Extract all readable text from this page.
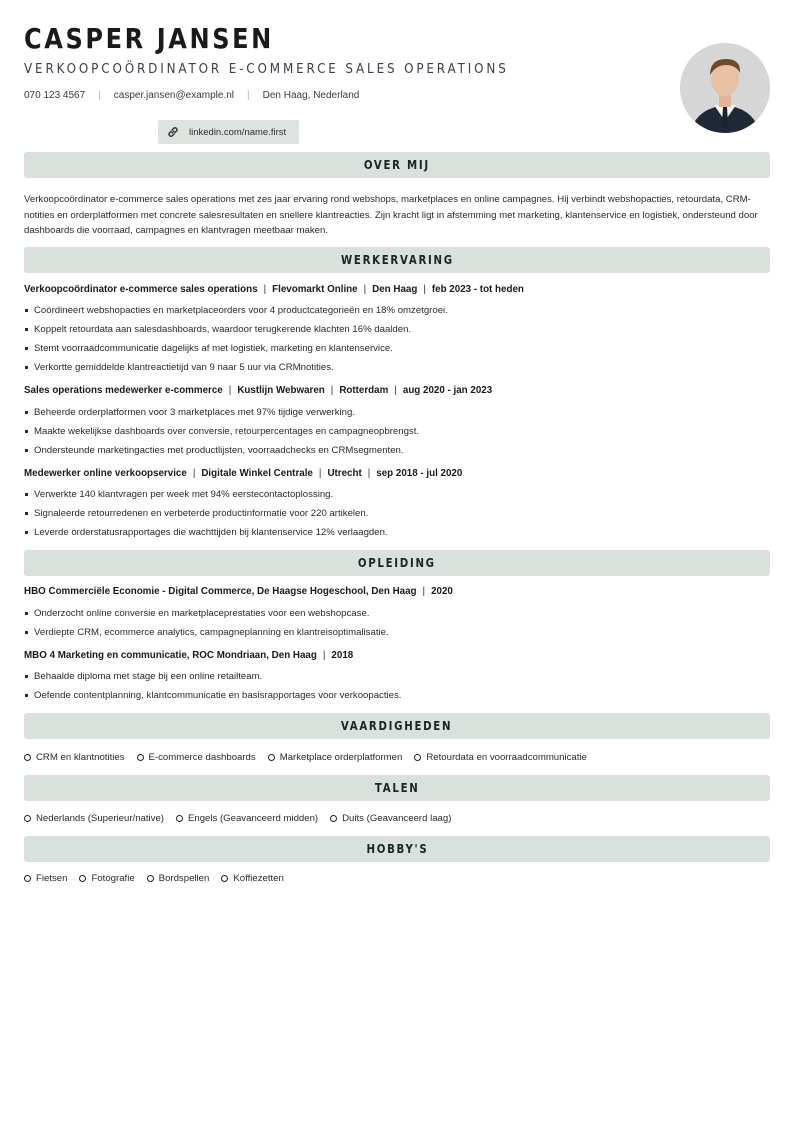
CASPER JANSEN
VERKOOPCOÖRDINATOR E-COMMERCE SALES OPERATIONS
070 123 4567 | casper.jansen@example.nl | Den Haag, Nederland
linkedin.com/name.first
OVER MIJ

Verkoopcoördinator e-commerce sales operations met zes jaar ervaring rond webshops, marketplaces en online campagnes. Hij verbindt webshopacties, retourdata, CRM-notities en orderplatformen met concrete salesresultaten en snellere klantreacties. Zijn kracht ligt in afstemming met marketing, klantenservice en logistiek, ondersteund door dashboards die voorraad, campagnes en klantvragen meetbaar maken.

WERKERVARING
Verkoopcoördinator e-commerce sales operations | Flevomarkt Online | Den Haag | feb 2023 - tot heden
Coördineert webshopacties en marketplaceorders voor 4 productcategorieën en 18% omzetgroei.
Koppelt retourdata aan salesdashboards, waardoor terugkerende klachten 16% daalden.
Stemt voorraadcommunicatie dagelijks af met logistiek, marketing en klantenservice.
Verkortte gemiddelde klantreactietijd van 9 naar 5 uur via CRMnotities.
Sales operations medewerker e-commerce | Kustlijn Webwaren | Rotterdam | aug 2020 - jan 2023
Beheerde orderplatformen voor 3 marketplaces met 97% tijdige verwerking.
Maakte wekelijkse dashboards over conversie, retourpercentages en campagneopbrengst.
Ondersteunde marketingacties met productlijsten, voorraadchecks en CRMsegmenten.
Medewerker online verkoopservice | Digitale Winkel Centrale | Utrecht | sep 2018 - jul 2020
Verwerkte 140 klantvragen per week met 94% eerstecontactoplossing.
Signaleerde retourredenen en verbeterde productinformatie voor 220 artikelen.
Leverde orderstatusrapportages die wachttijden bij klantenservice 12% verlaagden.
OPLEIDING
HBO Commerciële Economie - Digital Commerce, De Haagse Hogeschool, Den Haag | 2020
Onderzocht online conversie en marketplaceprestaties voor een webshopcase.
Verdiepte CRM, ecommerce analytics, campagneplanning en klantreisoptimalisatie.
MBO 4 Marketing en communicatie, ROC Mondriaan, Den Haag | 2018
Behaalde diploma met stage bij een online retailteam.
Oefende contentplanning, klantcommunicatie en basisrapportages voor verkoopacties.
VAARDIGHEDEN
CRM en klantnotities	E-commerce dashboards	Marketplace orderplatformen	Retourdata en voorraadcommunicatie
TALEN
Nederlands (Superieur/native)	Engels (Geavanceerd midden)	Duits (Geavanceerd laag)
HOBBY'S
Fietsen	Fotografie	Bordspellen	Koffiezetten
